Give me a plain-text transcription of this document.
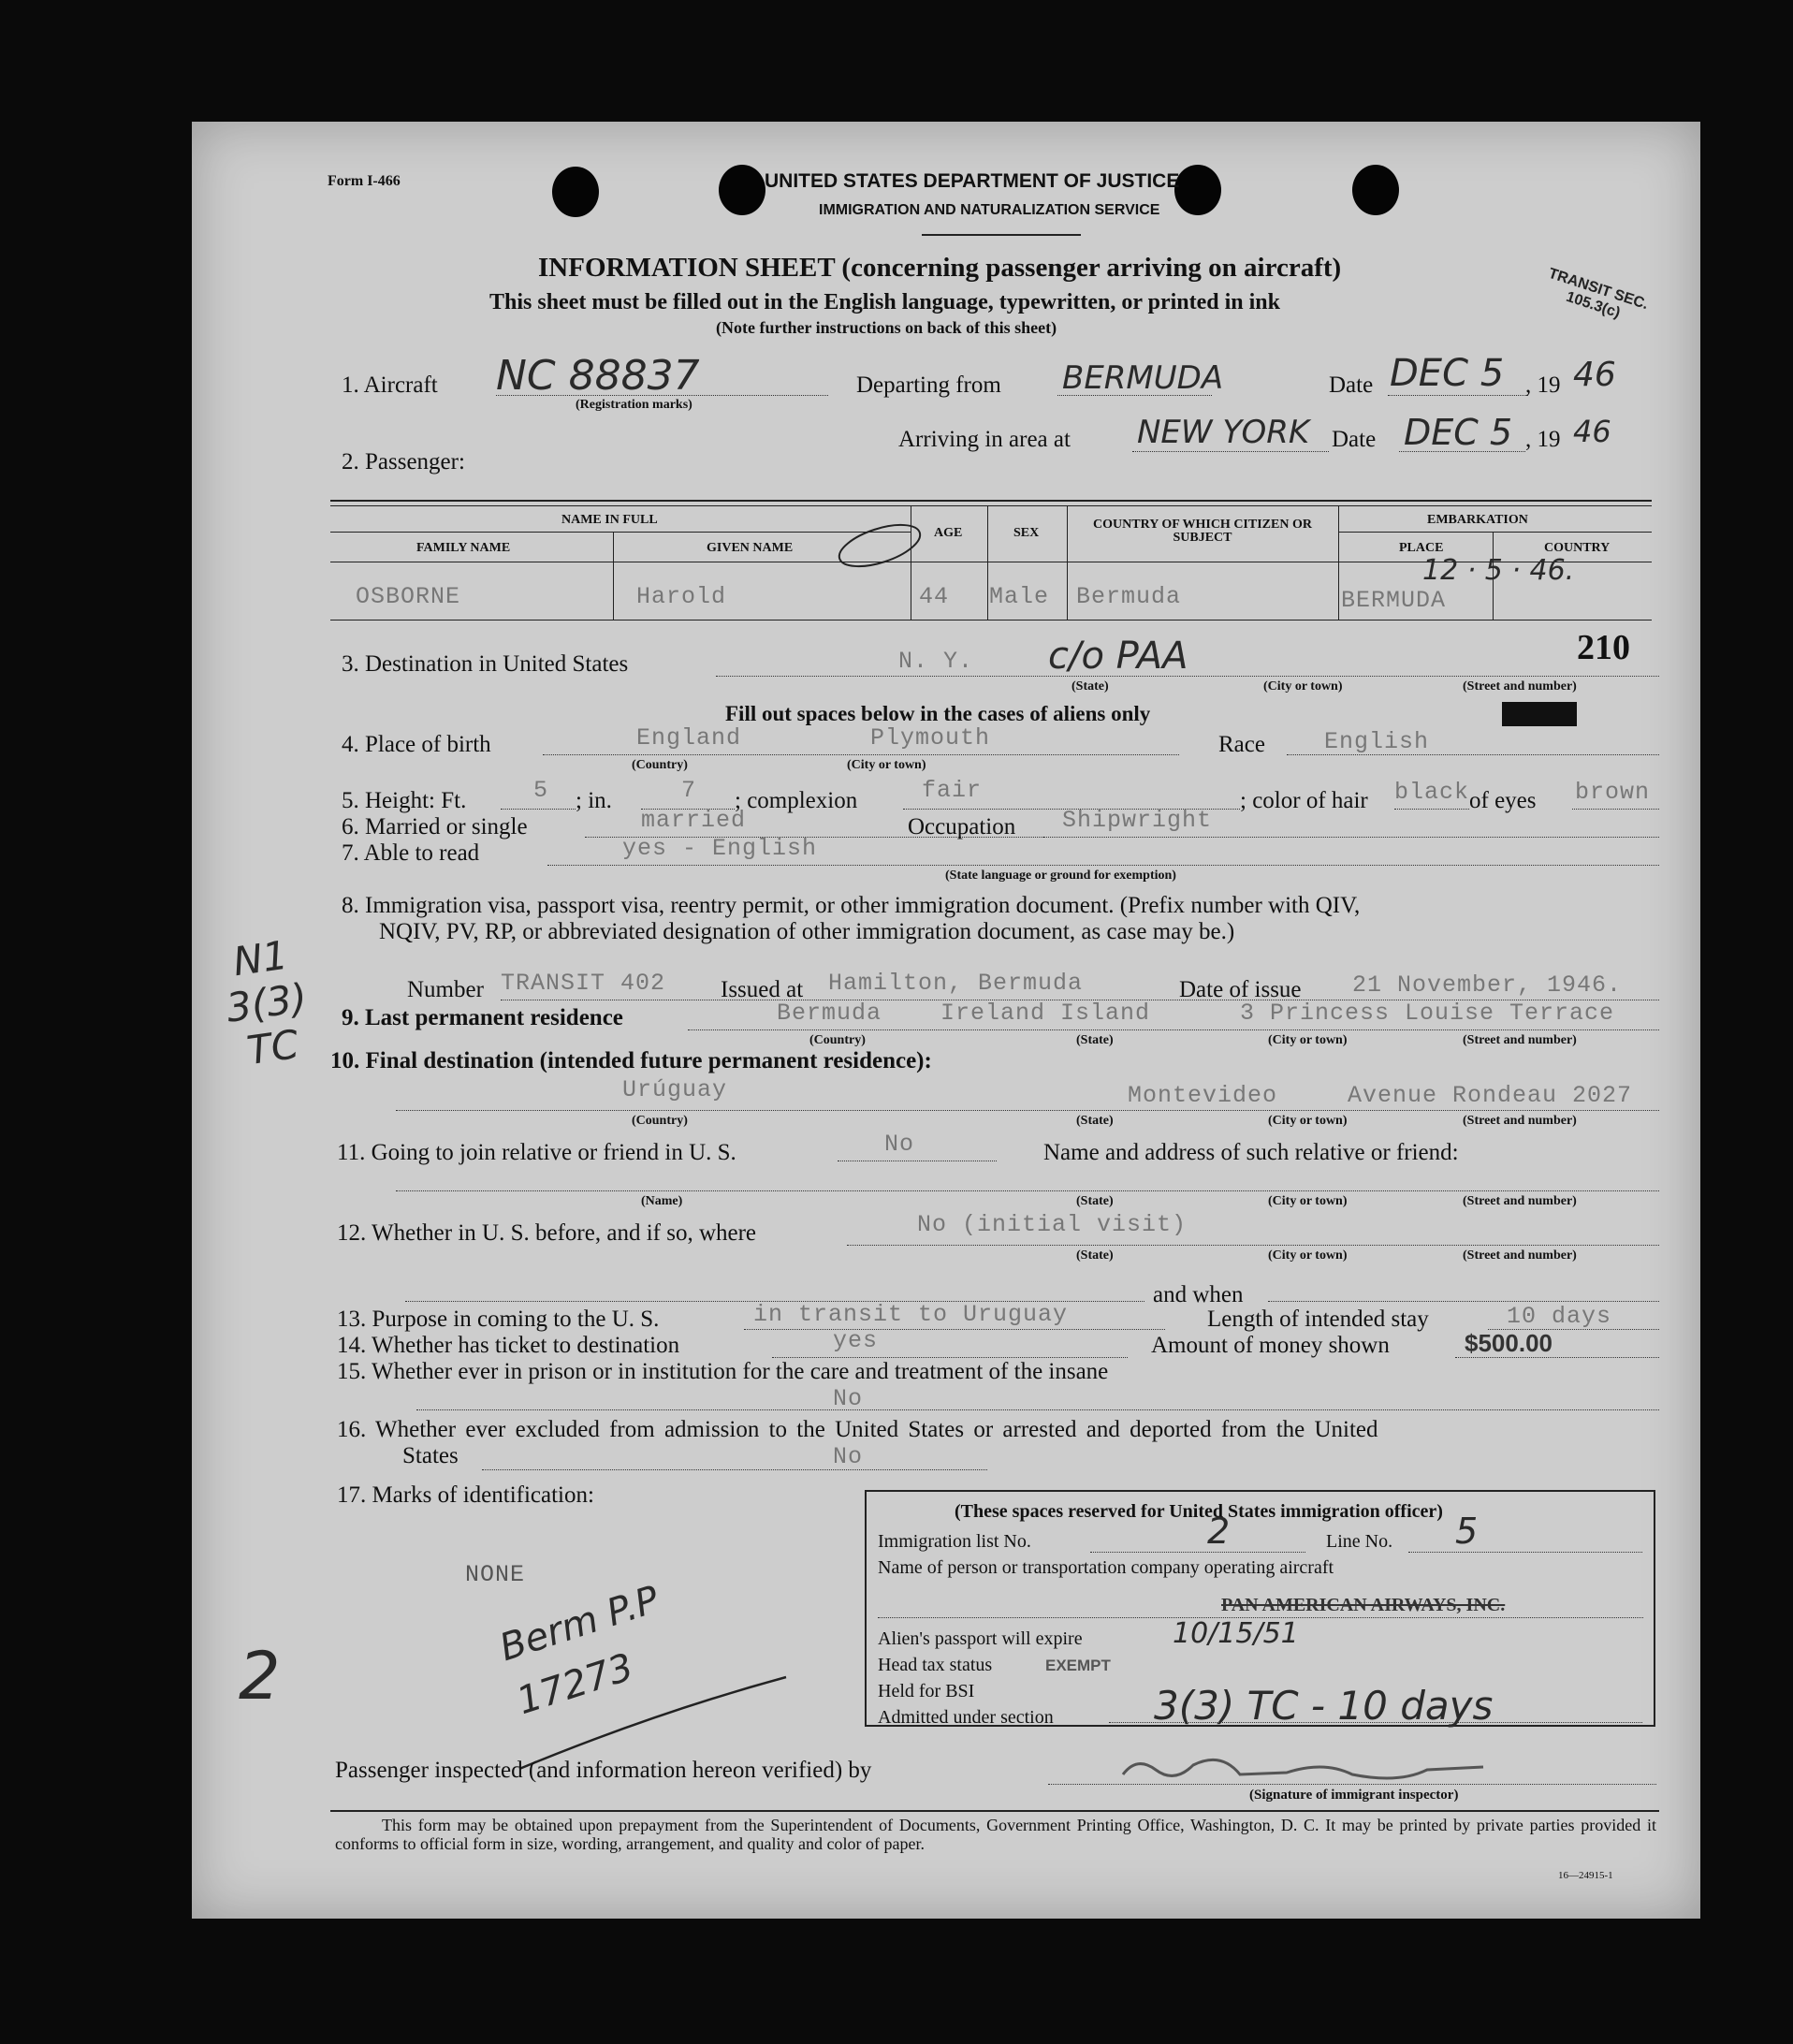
Form I-466	UNITED STATES DEPARTMENT OF JUSTICE
IMMIGRATION AND NATURALIZATION SERVICE
INFORMATION SHEET (concerning passenger arriving on aircraft)
This sheet must be filled out in the English language, typewritten, or printed in ink
(Note further instructions on back of this sheet)
TRANSIT SEC. 105.3(c)
1. Aircraft NC 88837
(Registration marks)
Departing from BERMUDA	Date DEC 5 , 19 46
Arriving in area at NEW YORK Date DEC 5 , 19 46
2. Passenger:
NAME IN FULL
FAMILY NAME	GIVEN NAME
AGE	SEX
COUNTRY OF WHICH CITIZEN OR SUBJECT
EMBARKATION
PLACE	COUNTRY
OSBORNE	Harold	44 Male Bermuda	BERMUDA
12 · 5 · 46.
3. Destination in United States	N. Y. c/o PAA	210
(State)	(City or town)	(Street and number)
Fill out spaces below in the cases of aliens only
4. Place of birth	England	Plymouth
(Country)	(City or town)
Race	English
5. Height: Ft.	5 ; in.	7 ; complexion	fair	; color of hair black of eyes brown
6. Married or single	married	Occupation Shipwright
7. Able to read	yes - English
(State language or ground for exemption)
8. Immigration visa, passport visa, reentry permit, or other immigration document. (Prefix number with QIV,
NQIV, PV, RP, or abbreviated designation of other immigration document, as case may be.)
Number TRANSIT 402 Issued at Hamilton, Bermuda	Date of issue 21 November, 1946.
9. Last permanent residence	Bermuda	Ireland Island	3 Princess Louise Terrace
(Country)	(State)	(City or town)	(Street and number)
10. Final destination (intended future permanent residence):
Urúguay	Montevideo	Avenue Rondeau 2027
(Country)	(State)	(City or town)	(Street and number)
11. Going to join relative or friend in U. S.	No	Name and address of such relative or friend:
(Name)	(State)	(City or town)	(Street and number)
12. Whether in U. S. before, and if so, where	No (initial visit)
(State)	(City or town)	(Street and number)
and when
13. Purpose in coming to the U. S.	in transit to Uruguay	Length of intended stay	10 days
14. Whether has ticket to destination	yes	Amount of money shown	$500.00
15. Whether ever in prison or in institution for the care and treatment of the insane
No
16. Whether ever excluded from admission to the United States or arrested and deported from the United
States	No
17. Marks of identification:
NONE
Berm P.P 17273
(These spaces reserved for United States immigration officer)
Immigration list No.	2	Line No. 5
Name of person or transportation company operating aircraft
PAN AMERICAN AIRWAYS, INC.
Alien's passport will expire	10/15/51
Head tax status	EXEMPT
Held for BSI
Admitted under section	3(3) TC - 10 days
Passenger inspected (and information hereon verified) by
(Signature of immigrant inspector)
This form may be obtained upon prepayment from the Superintendent of Documents, Government Printing Office, Washington, D. C. It may be printed by private parties provided it conforms to official form in size, wording, arrangement, and quality and color of paper.
16—24915-1
N1 3(3) TC
2
